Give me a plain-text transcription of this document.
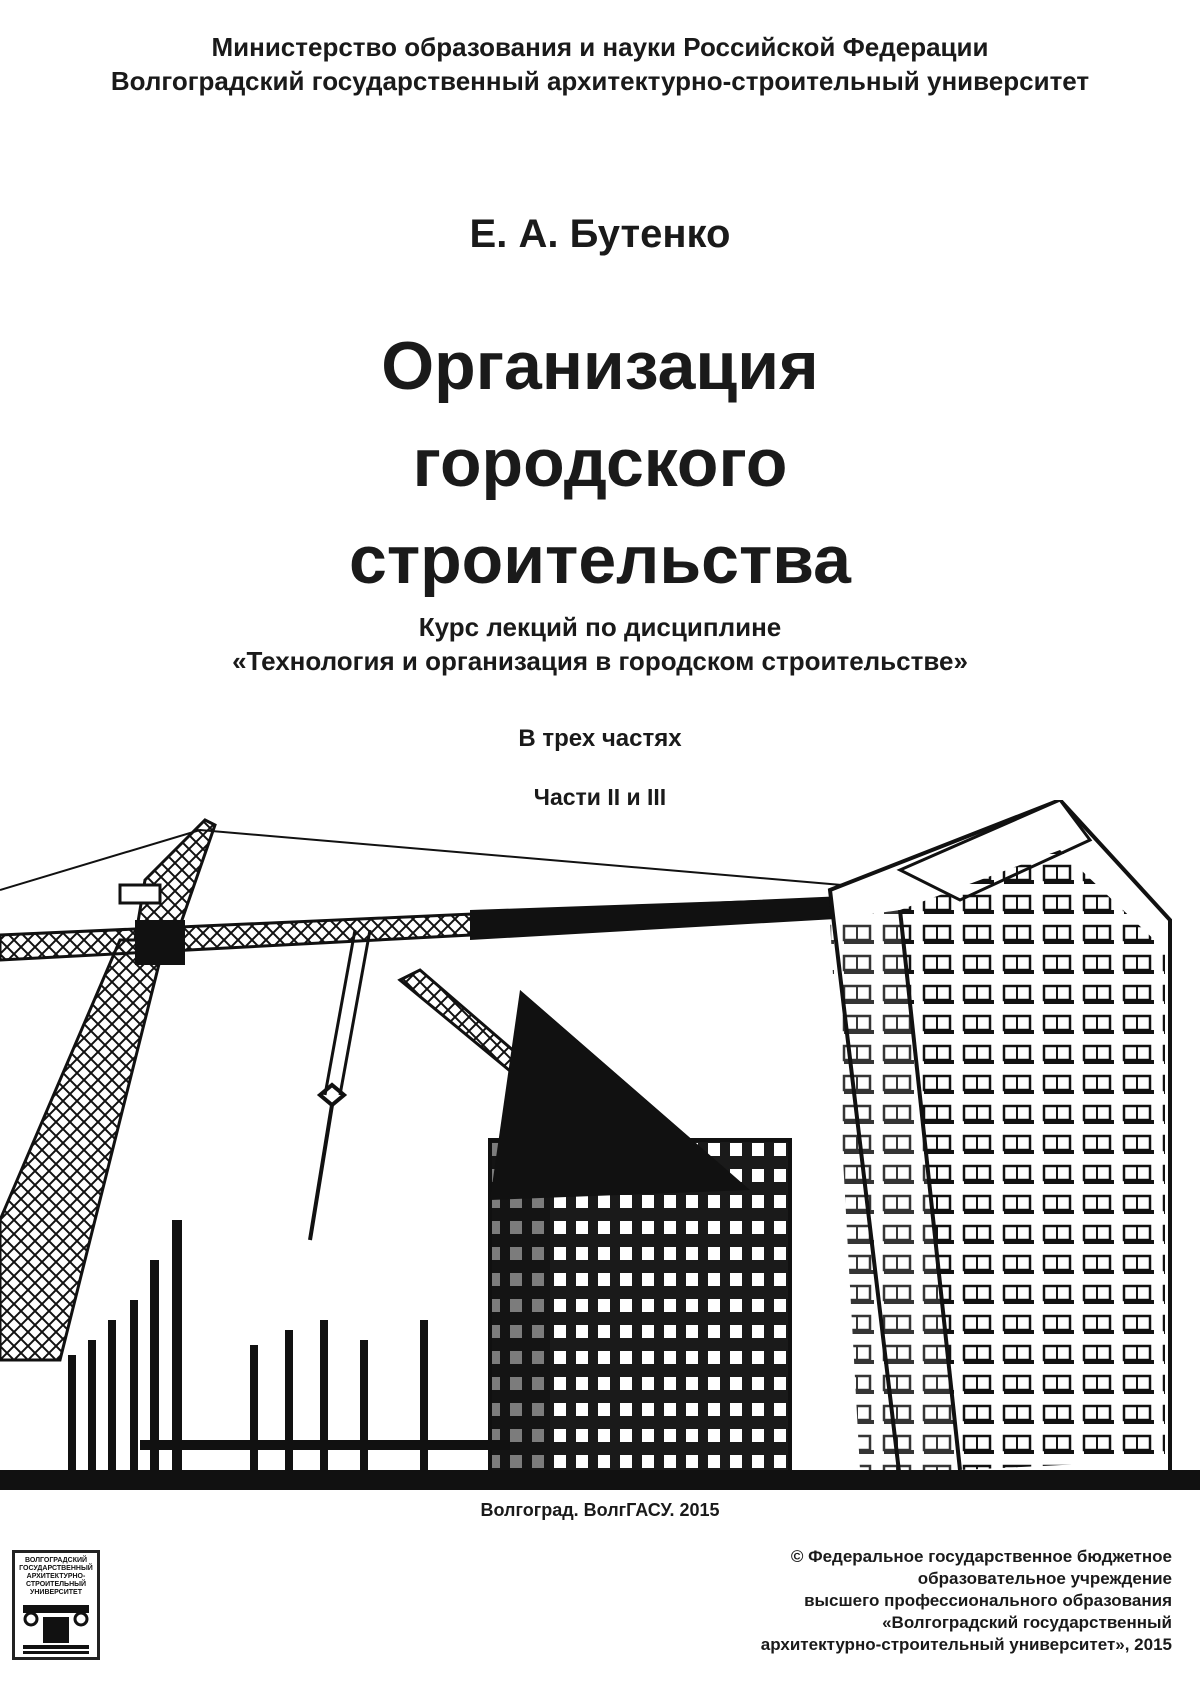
Министерство образования и науки Российской Федерации
Волгоградский государственный архитектурно-строительный университет
Е. А. Бутенко
Организация
городского
строительства
Курс лекций по дисциплине
«Технология и организация в городском строительстве»
В трех частях
Части II и III
Волгоград. ВолгГАСУ. 2015
ВОЛГОГРАДСКИЙ
ГОСУДАРСТВЕННЫЙ
АРХИТЕКТУРНО-
СТРОИТЕЛЬНЫЙ
УНИВЕРСИТЕТ
© Федеральное государственное бюджетное
образовательное учреждение
высшего профессионального образования
«Волгоградский государственный
архитектурно-строительный университет», 2015
